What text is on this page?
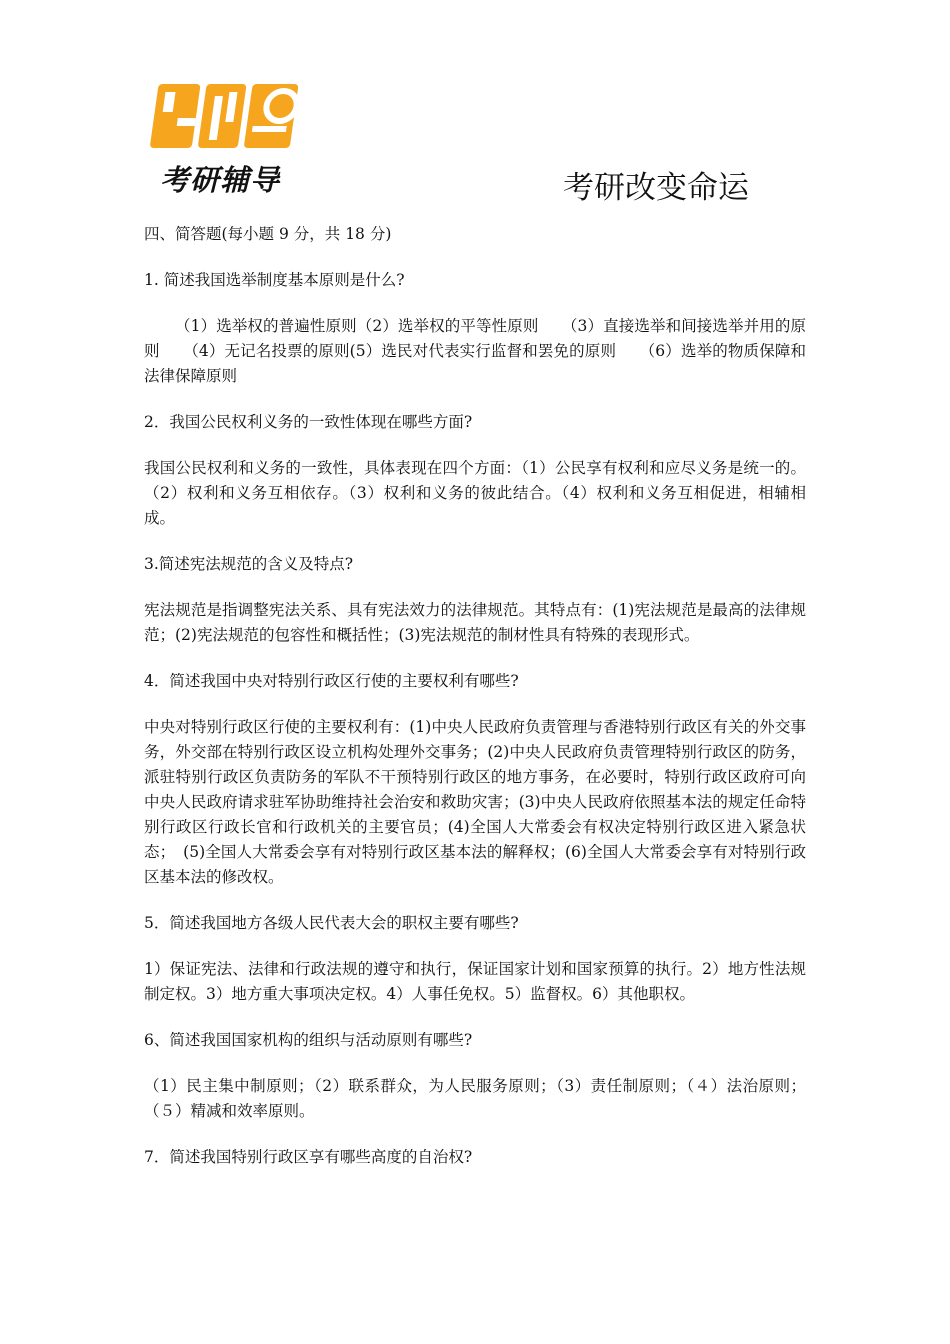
考研辅导	考研改变命运

四、简答题(每小题 9 分，共 18 分)

1. 简述我国选举制度基本原则是什么?

（1）选举权的普遍性原则（2）选举权的平等性原则　　（3）直接选举和间接选举并用的原则　　（4）无记名投票的原则(5）选民对代表实行监督和罢免的原则　　（6）选举的物质保障和法律保障原则

2．我国公民权利义务的一致性体现在哪些方面?

我国公民权利和义务的一致性，具体表现在四个方面：（1）公民享有权利和应尽义务是统一的。（2）权利和义务互相依存。（3）权利和义务的彼此结合。（4）权利和义务互相促进，相辅相成。

3.简述宪法规范的含义及特点?

宪法规范是指调整宪法关系、具有宪法效力的法律规范。其特点有：(1)宪法规范是最高的法律规范；(2)宪法规范的包容性和概括性；(3)宪法规范的制材性具有特殊的表现形式。

4．简述我国中央对特别行政区行使的主要权利有哪些?

中央对特别行政区行使的主要权利有：(1)中央人民政府负责管理与香港特别行政区有关的外交事务，外交部在特别行政区设立机构处理外交事务；(2)中央人民政府负责管理特别行政区的防务，派驻特别行政区负责防务的军队不干预特别行政区的地方事务，在必要时，特别行政区政府可向中央人民政府请求驻军协助维持社会治安和救助灾害；(3)中央人民政府依照基本法的规定任命特别行政区行政长官和行政机关的主要官员；(4)全国人大常委会有权决定特别行政区进入紧急状态；　(5)全国人大常委会享有对特别行政区基本法的解释权；(6)全国人大常委会享有对特别行政区基本法的修改权。

5．简述我国地方各级人民代表大会的职权主要有哪些?

1）保证宪法、法律和行政法规的遵守和执行，保证国家计划和国家预算的执行。2）地方性法规制定权。3）地方重大事项决定权。4）人事任免权。5）监督权。6）其他职权。

6、简述我国国家机构的组织与活动原则有哪些?

（1）民主集中制原则；（2）联系群众，为人民服务原则；（3）责任制原则；（４）法治原则；（５）精减和效率原则。

7．简述我国特别行政区享有哪些高度的自治权?
